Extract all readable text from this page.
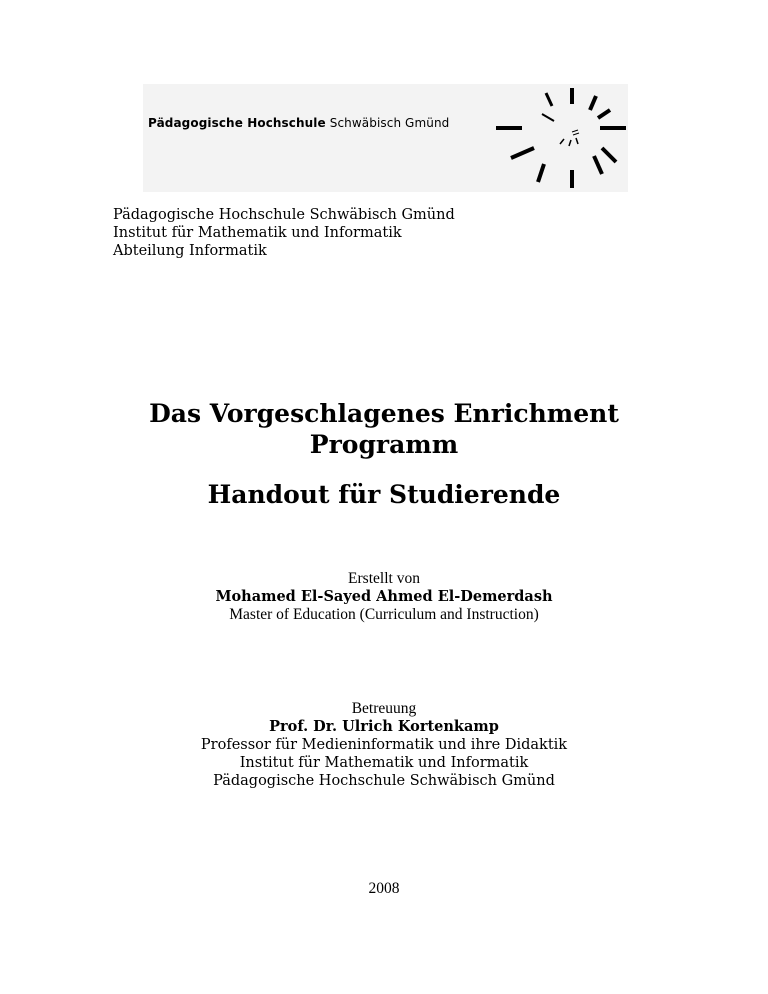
Pädagogische Hochschule Schwäbisch Gmünd
Pädagogische Hochschule Schwäbisch Gmünd
Institut für Mathematik und Informatik
Abteilung Informatik
Das Vorgeschlagenes Enrichment
Programm
Handout für Studierende
Erstellt von
Mohamed El-Sayed Ahmed El-Demerdash
Master of Education (Curriculum and Instruction)
Betreuung
Prof. Dr. Ulrich Kortenkamp
Professor für Medieninformatik und ihre Didaktik
Institut für Mathematik und Informatik
Pädagogische Hochschule Schwäbisch Gmünd
2008
